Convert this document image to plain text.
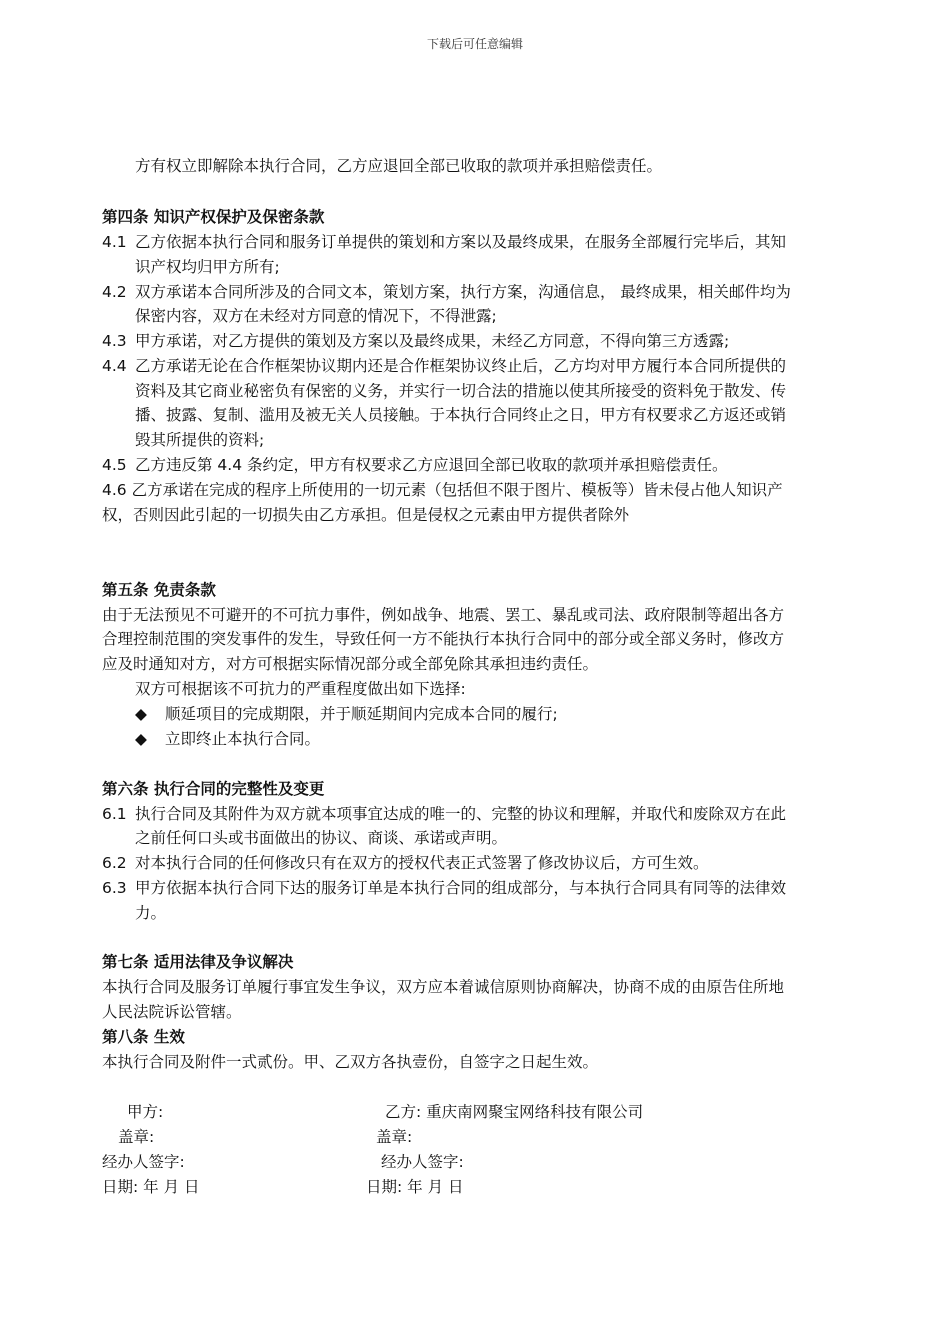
下载后可任意编辑
方有权立即解除本执行合同，乙方应退回全部已收取的款项并承担赔偿责任。
第四条 知识产权保护及保密条款
4.1 乙方依据本执行合同和服务订单提供的策划和方案以及最终成果，在服务全部履行完毕后，其知
识产权均归甲方所有;
4.2 双方承诺本合同所涉及的合同文本，策划方案，执行方案，沟通信息， 最终成果，相关邮件均为
保密内容，双方在未经对方同意的情况下，不得泄露;
4.3 甲方承诺，对乙方提供的策划及方案以及最终成果，未经乙方同意，不得向第三方透露;
4.4 乙方承诺无论在合作框架协议期内还是合作框架协议终止后，乙方均对甲方履行本合同所提供的
资料及其它商业秘密负有保密的义务，并实行一切合法的措施以使其所接受的资料免于散发、传
播、披露、复制、滥用及被无关人员接触。于本执行合同终止之日，甲方有权要求乙方返还或销
毁其所提供的资料;
4.5 乙方违反第 4.4 条约定，甲方有权要求乙方应退回全部已收取的款项并承担赔偿责任。
4.6 乙方承诺在完成的程序上所使用的一切元素（包括但不限于图片、模板等）皆未侵占他人知识产
权，否则因此引起的一切损失由乙方承担。但是侵权之元素由甲方提供者除外
第五条 免责条款
由于无法预见不可避开的不可抗力事件，例如战争、地震、罢工、暴乱或司法、政府限制等超出各方
合理控制范围的突发事件的发生，导致任何一方不能执行本执行合同中的部分或全部义务时，修改方
应及时通知对方，对方可根据实际情况部分或全部免除其承担违约责任。
双方可根据该不可抗力的严重程度做出如下选择:
◆ 顺延项目的完成期限，并于顺延期间内完成本合同的履行;
◆ 立即终止本执行合同。
第六条 执行合同的完整性及变更
6.1 执行合同及其附件为双方就本项事宜达成的唯一的、完整的协议和理解，并取代和废除双方在此
之前任何口头或书面做出的协议、商谈、承诺或声明。
6.2 对本执行合同的任何修改只有在双方的授权代表正式签署了修改协议后，方可生效。
6.3 甲方依据本执行合同下达的服务订单是本执行合同的组成部分，与本执行合同具有同等的法律效
力。
第七条 适用法律及争议解决
本执行合同及服务订单履行事宜发生争议，双方应本着诚信原则协商解决，协商不成的由原告住所地
人民法院诉讼管辖。
第八条 生效
本执行合同及附件一式贰份。甲、乙双方各执壹份，自签字之日起生效。
甲方:	乙方: 重庆南网聚宝网络科技有限公司
盖章:	盖章:
经办人签字:	经办人签字:
日期: 年 月 日	日期: 年 月 日
